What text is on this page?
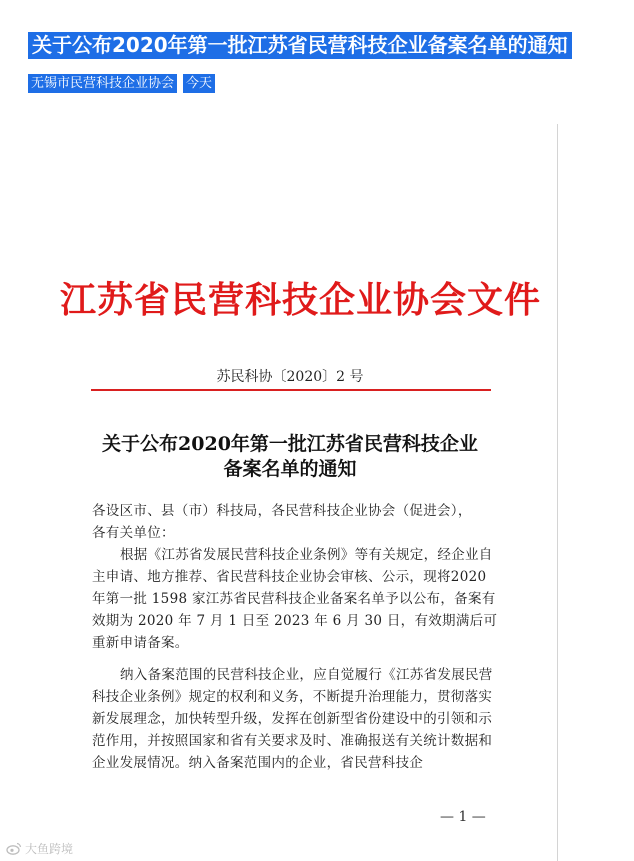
关于公布2020年第一批江苏省民营科技企业备案名单的通知
无锡市民营科技企业协会 今天
江苏省民营科技企业协会文件
苏民科协〔2020〕2 号
关于公布2020年第一批江苏省民营科技企业
备案名单的通知

各设区市、县（市）科技局，各民营科技企业协会（促进会），

各有关单位：

根据《江苏省发展民营科技企业条例》等有关规定，经企业自主申请、地方推荐、省民营科技企业协会审核、公示，现将2020 年第一批 1598 家江苏省民营科技企业备案名单予以公布，备案有效期为 2020 年 7 月 1 日至 2023 年 6 月 30 日，有效期满后可重新申请备案。

纳入备案范围的民营科技企业，应自觉履行《江苏省发展民营科技企业条例》规定的权利和义务，不断提升治理能力，贯彻落实新发展理念，加快转型升级，发挥在创新型省份建设中的引领和示范作用，并按照国家和省有关要求及时、准确报送有关统计数据和企业发展情况。纳入备案范围内的企业，省民营科技企

— 1 —
大鱼跨境
